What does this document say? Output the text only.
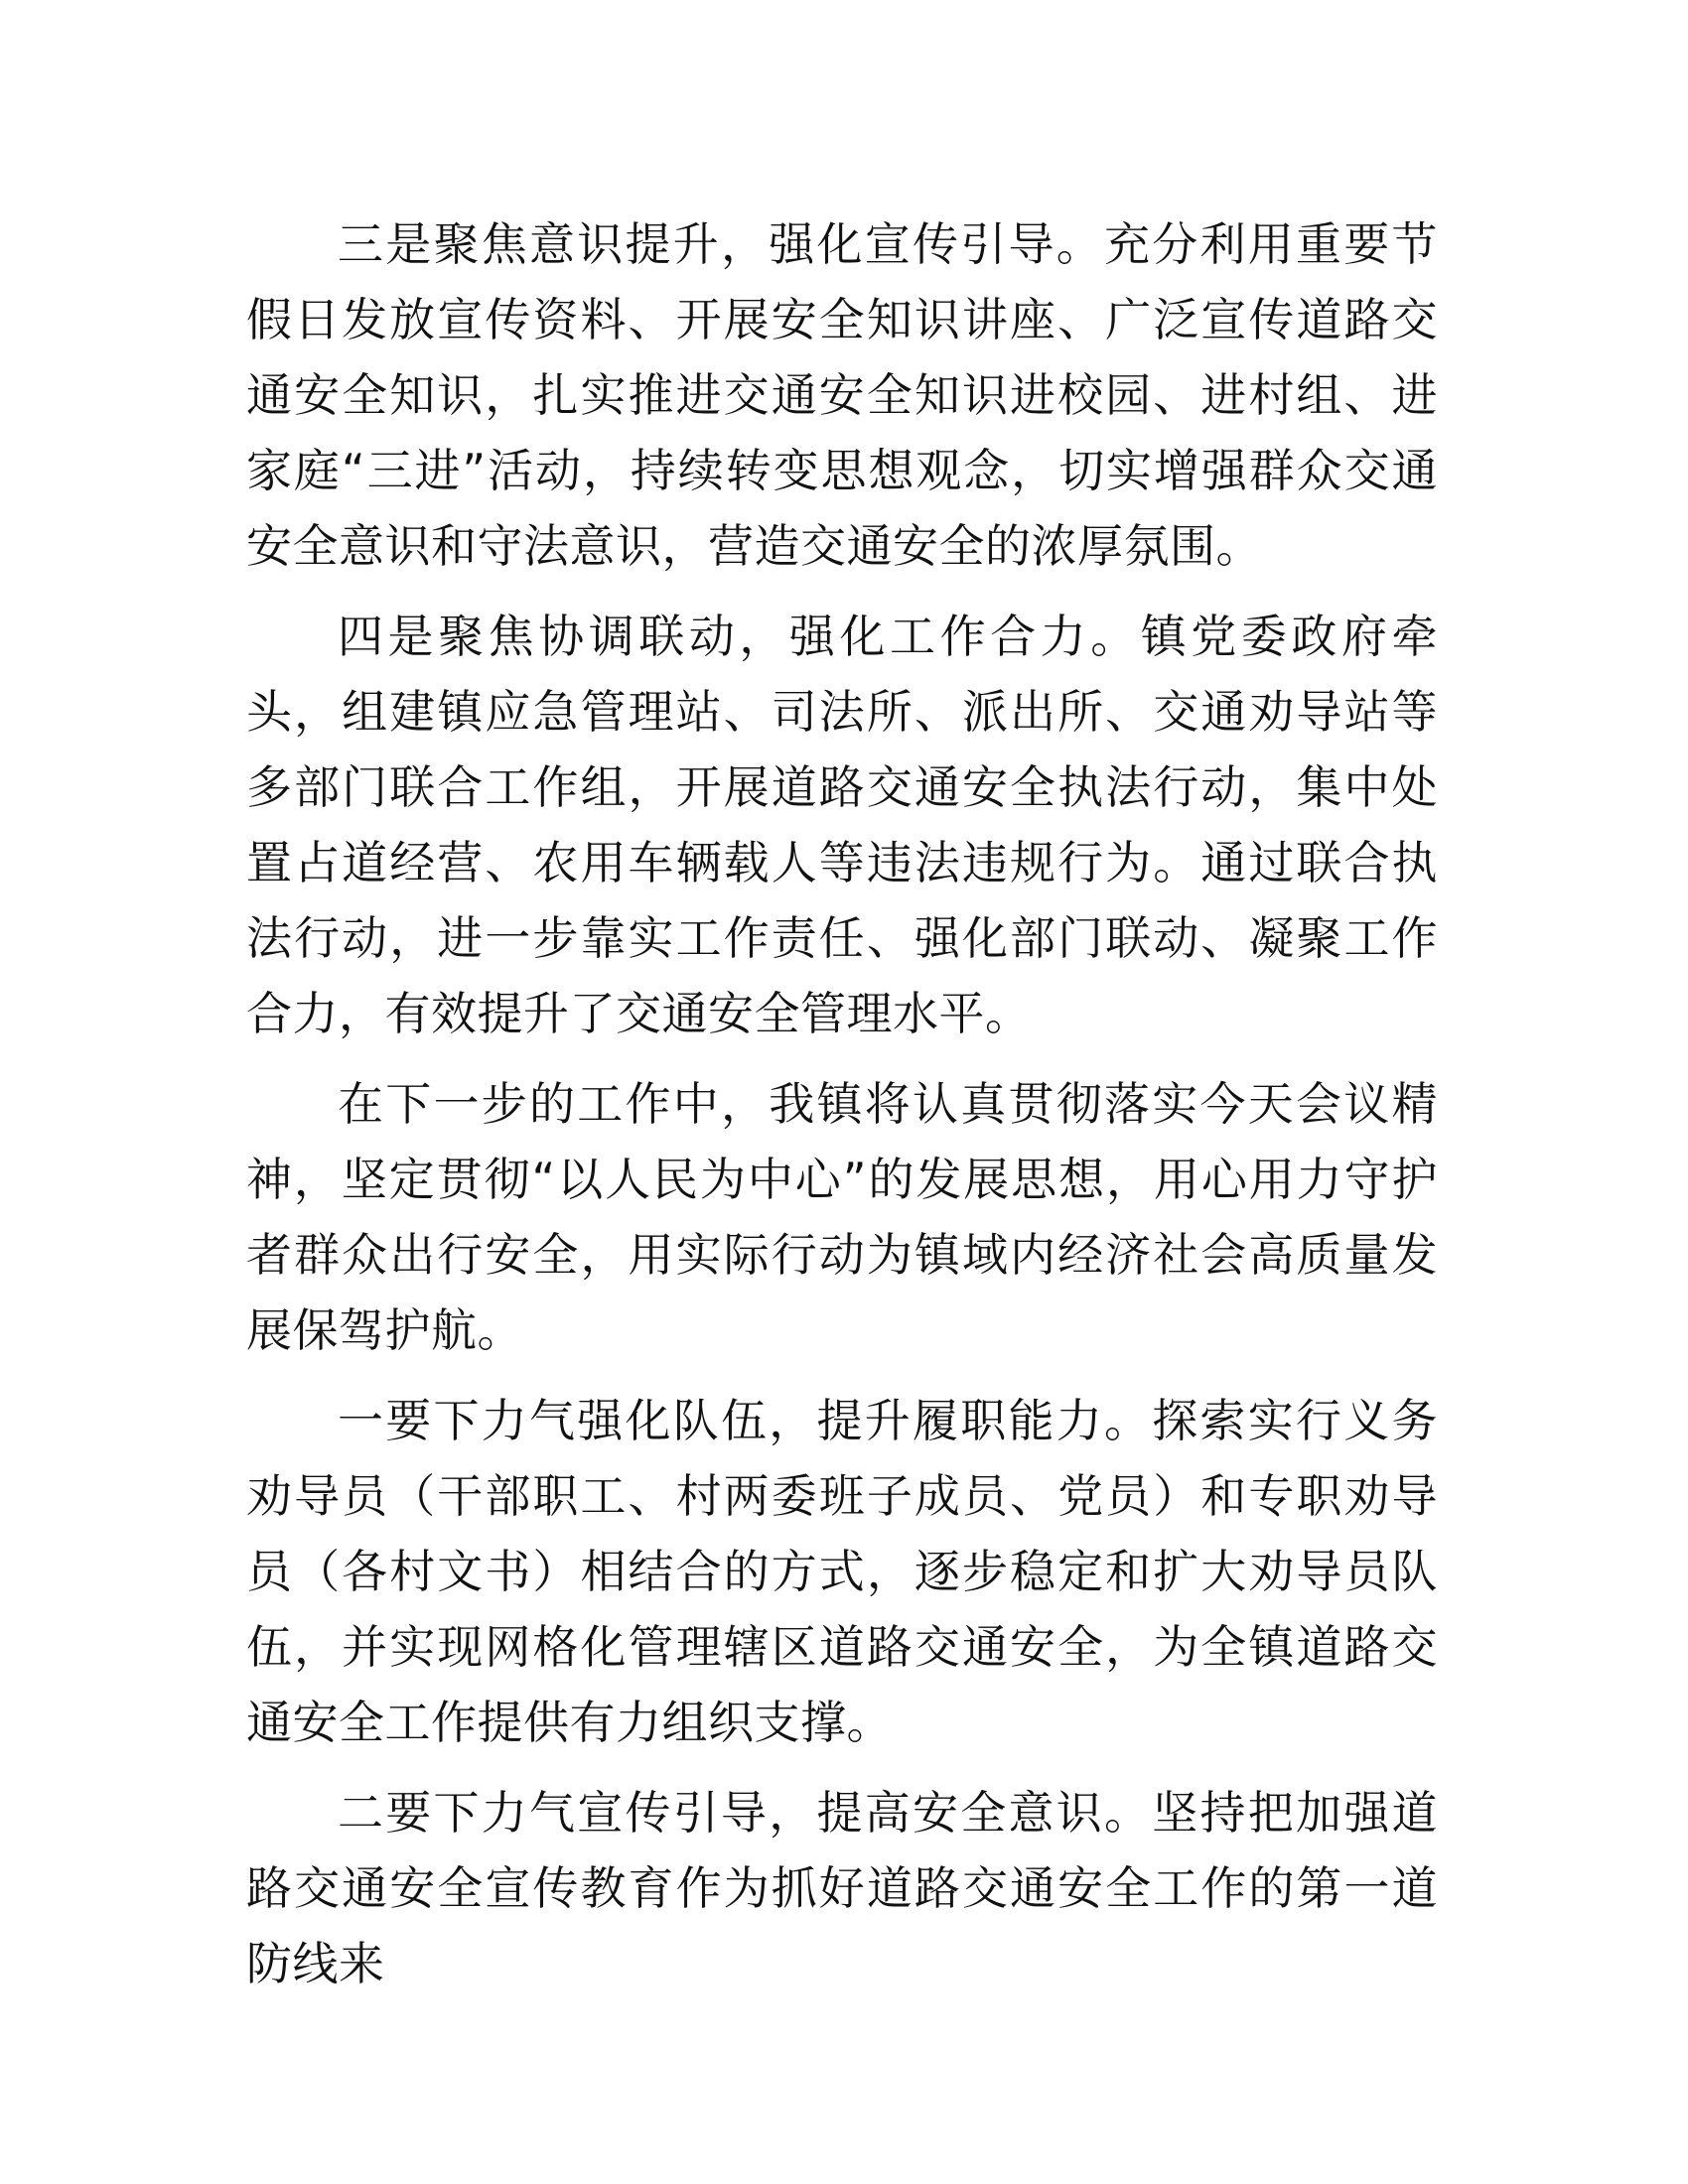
三是聚焦意识提升，强化宣传引导。充分利用重要节假日发放宣传资料、开展安全知识讲座、广泛宣传道路交通安全知识，扎实推进交通安全知识进校园、进村组、进家庭“三进”活动，持续转变思想观念，切实增强群众交通安全意识和守法意识，营造交通安全的浓厚氛围。

四是聚焦协调联动，强化工作合力。镇党委政府牵头，组建镇应急管理站、司法所、派出所、交通劝导站等多部门联合工作组，开展道路交通安全执法行动，集中处置占道经营、农用车辆载人等违法违规行为。通过联合执法行动，进一步靠实工作责任、强化部门联动、凝聚工作合力，有效提升了交通安全管理水平。

在下一步的工作中，我镇将认真贯彻落实今天会议精神，坚定贯彻“以人民为中心”的发展思想，用心用力守护者群众出行安全，用实际行动为镇域内经济社会高质量发展保驾护航。

一要下力气强化队伍，提升履职能力。探索实行义务劝导员（干部职工、村两委班子成员、党员）和专职劝导员（各村文书）相结合的方式，逐步稳定和扩大劝导员队伍，并实现网格化管理辖区道路交通安全，为全镇道路交通安全工作提供有力组织支撑。

二要下力气宣传引导，提高安全意识。坚持把加强道路交通安全宣传教育作为抓好道路交通安全工作的第一道防线来
